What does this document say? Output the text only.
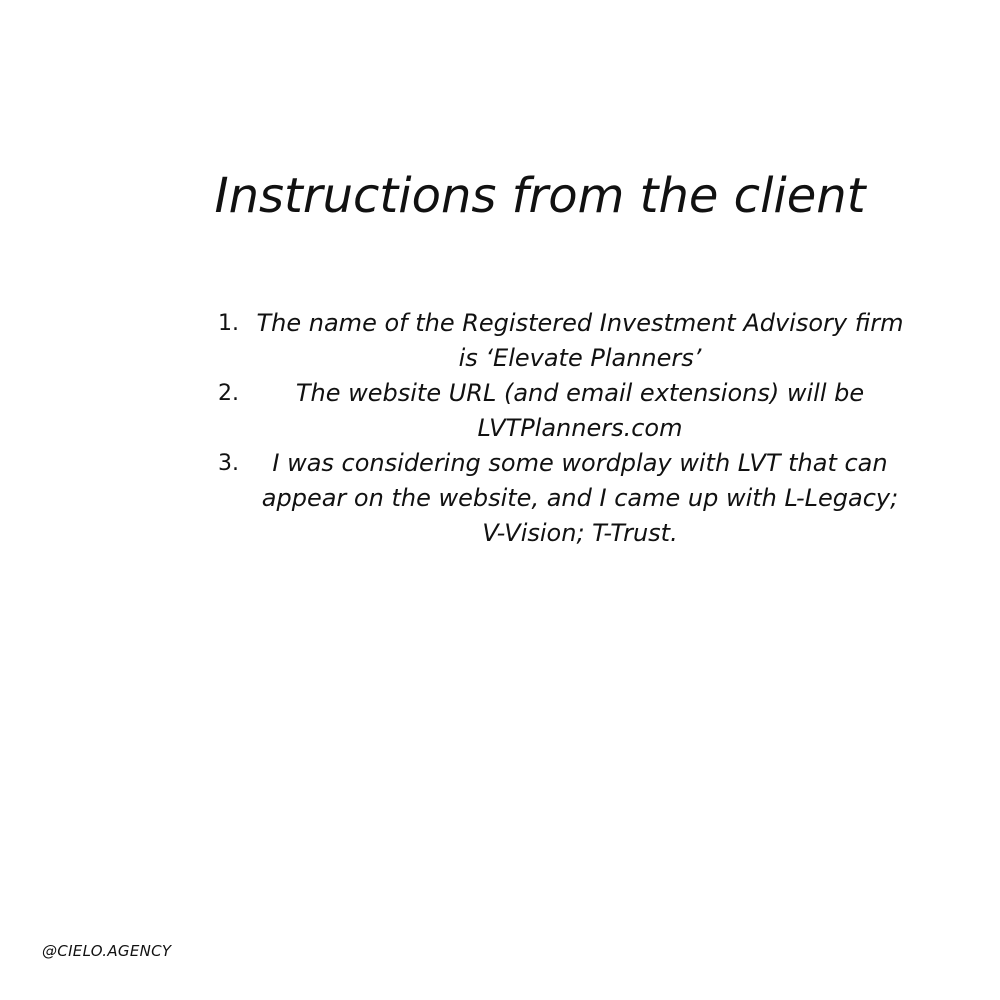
Instructions from the client
1. The name of the Registered Investment Advisory firm is ‘Elevate Planners’
2.	The website URL (and email extensions) will be LVTPlanners.com
3.	I was considering some wordplay with LVT that can appear on the website, and I came up with L-Legacy; V-Vision; T-Trust.
@CIELO.AGENCY
